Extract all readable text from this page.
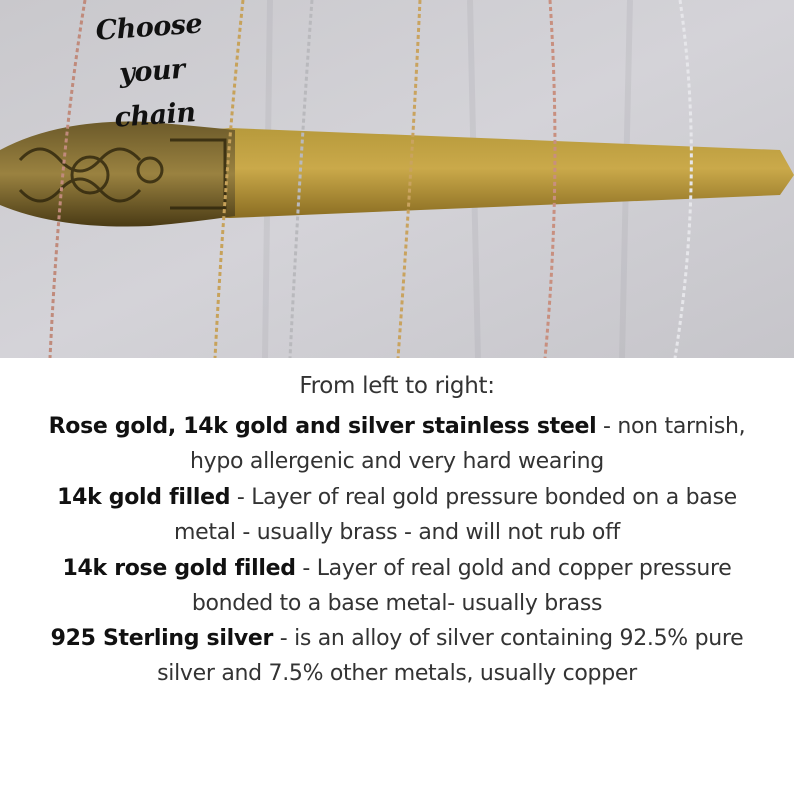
Choose your
chain
From left to right:
Rose gold, 14k gold and silver stainless steel - non tarnish,
hypo allergenic and very hard wearing
14k gold filled - Layer of real gold pressure bonded on a base
metal - usually brass - and will not rub off
14k rose gold filled - Layer of real gold and copper pressure
bonded to a base metal- usually brass
925 Sterling silver - is an alloy of silver containing 92.5% pure
silver and 7.5% other metals, usually copper
